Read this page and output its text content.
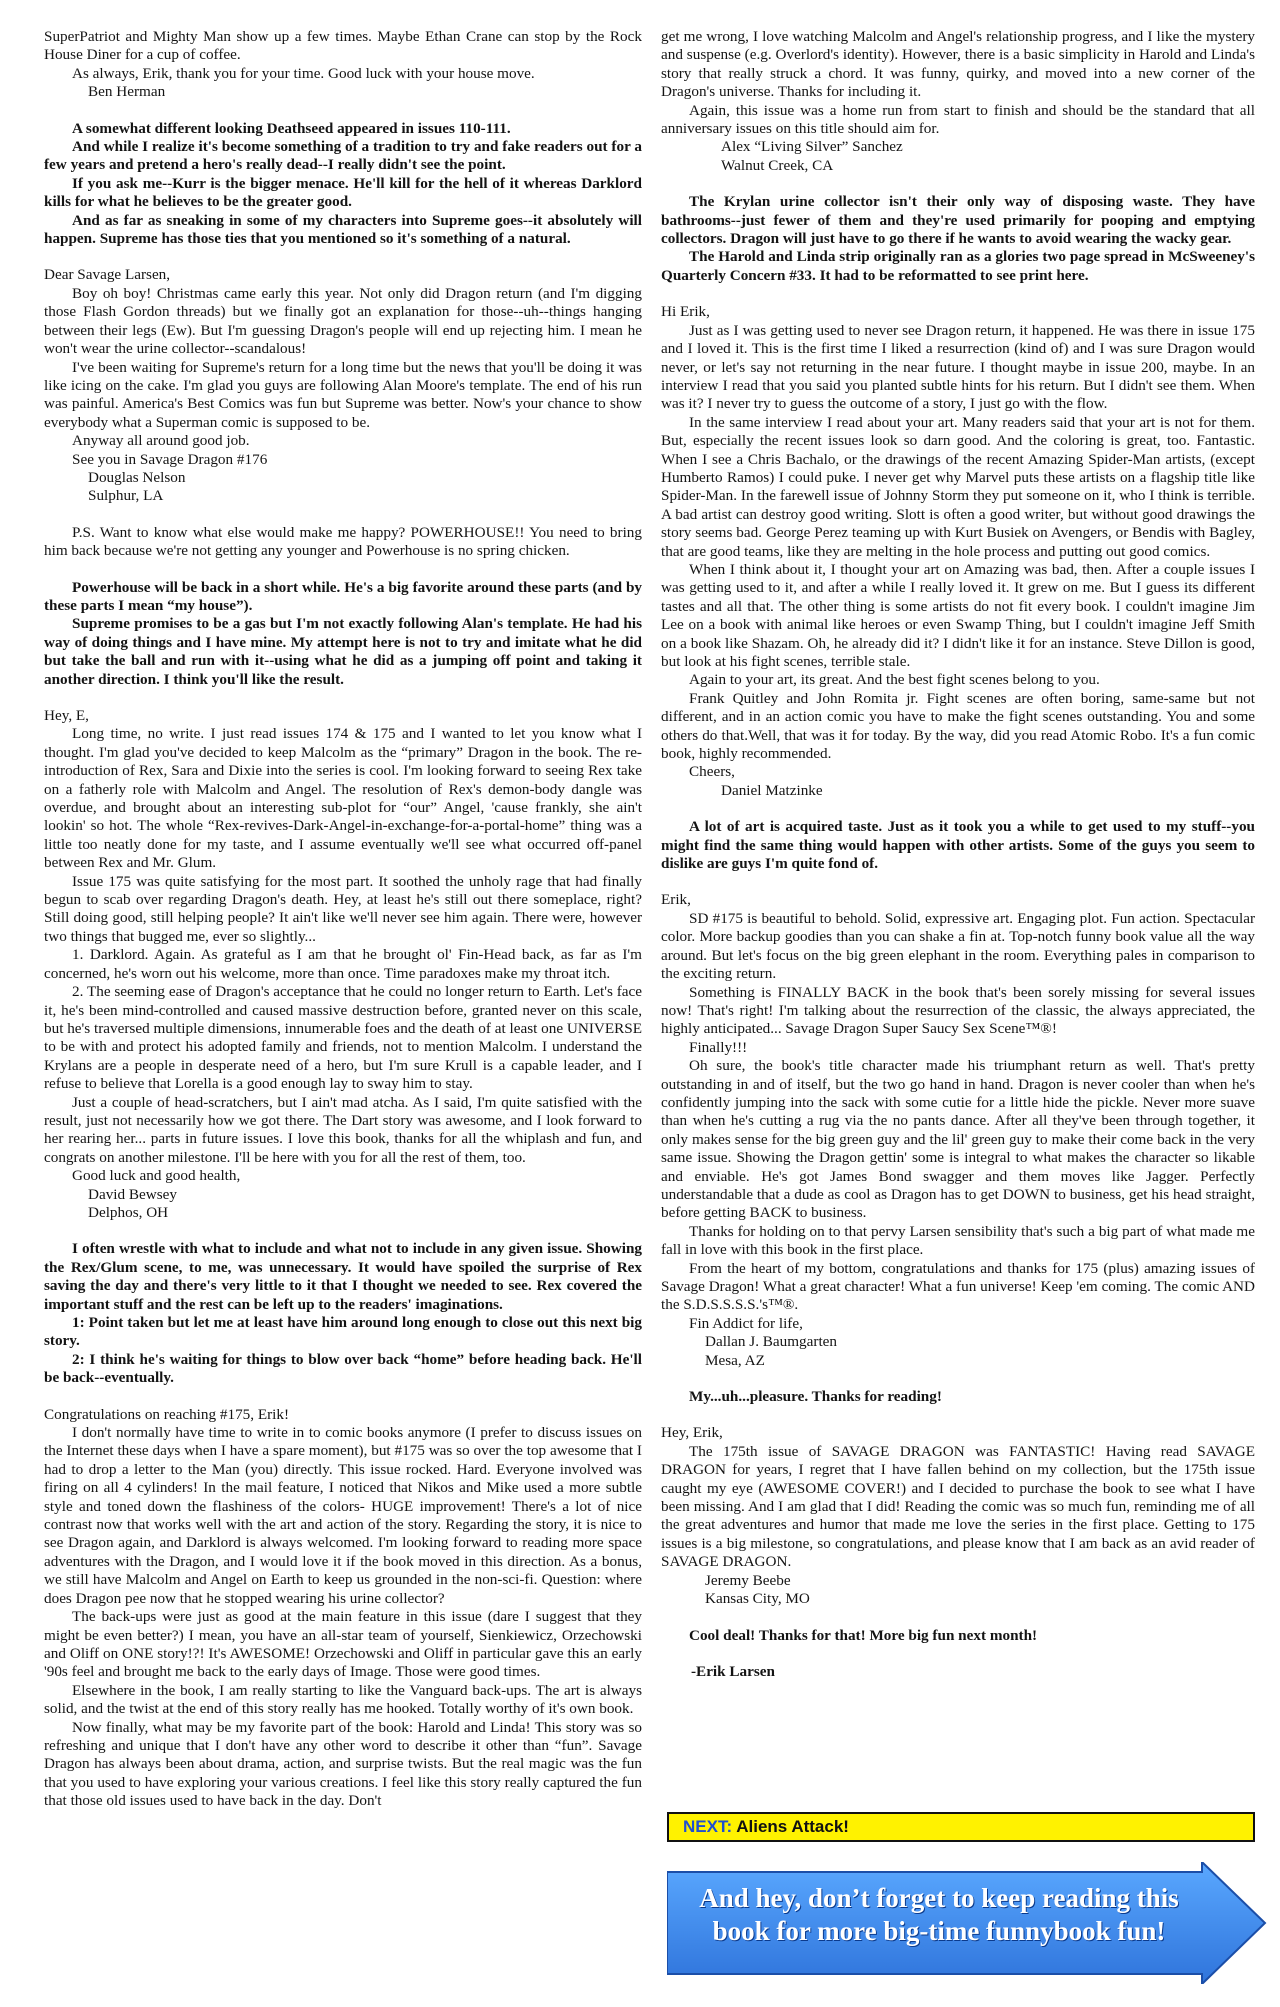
SuperPatriot and Mighty Man show up a few times. Maybe Ethan Crane can stop by the Rock House Diner for a cup of coffee.

As always, Erik, thank you for your time. Good luck with your house move.

Ben Herman

A somewhat different looking Deathseed appeared in issues 110-111.

And while I realize it's become something of a tradition to try and fake readers out for a few years and pretend a hero's really dead--I really didn't see the point.

If you ask me--Kurr is the bigger menace. He'll kill for the hell of it whereas Darklord kills for what he believes to be the greater good.

And as far as sneaking in some of my characters into Supreme goes--it absolutely will happen. Supreme has those ties that you mentioned so it's something of a natural.

Dear Savage Larsen,

Boy oh boy! Christmas came early this year. Not only did Dragon return (and I'm digging those Flash Gordon threads) but we finally got an explanation for those--uh--things hanging between their legs (Ew). But I'm guessing Dragon's people will end up rejecting him. I mean he won't wear the urine collector--scandalous!

I've been waiting for Supreme's return for a long time but the news that you'll be doing it was like icing on the cake. I'm glad you guys are following Alan Moore's template. The end of his run was painful. America's Best Comics was fun but Supreme was better. Now's your chance to show everybody what a Superman comic is supposed to be.

Anyway all around good job.

See you in Savage Dragon #176

Douglas Nelson

Sulphur, LA

P.S. Want to know what else would make me happy? POWERHOUSE!! You need to bring him back because we're not getting any younger and Powerhouse is no spring chicken.

Powerhouse will be back in a short while. He's a big favorite around these parts (and by these parts I mean “my house”).

Supreme promises to be a gas but I'm not exactly following Alan's template. He had his way of doing things and I have mine. My attempt here is not to try and imitate what he did but take the ball and run with it--using what he did as a jumping off point and taking it another direction. I think you'll like the result.

Hey, E,

Long time, no write. I just read issues 174 & 175 and I wanted to let you know what I thought. I'm glad you've decided to keep Malcolm as the “primary” Dragon in the book. The re-introduction of Rex, Sara and Dixie into the series is cool. I'm looking forward to seeing Rex take on a fatherly role with Malcolm and Angel. The resolution of Rex's demon-body dangle was overdue, and brought about an interesting sub-plot for “our” Angel, 'cause frankly, she ain't lookin' so hot. The whole “Rex-revives-Dark-Angel-in-exchange-for-a-portal-home” thing was a little too neatly done for my taste, and I assume eventually we'll see what occurred off-panel between Rex and Mr. Glum.

Issue 175 was quite satisfying for the most part. It soothed the unholy rage that had finally begun to scab over regarding Dragon's death. Hey, at least he's still out there someplace, right? Still doing good, still helping people? It ain't like we'll never see him again. There were, however two things that bugged me, ever so slightly...

1. Darklord. Again. As grateful as I am that he brought ol' Fin-Head back, as far as I'm concerned, he's worn out his welcome, more than once. Time paradoxes make my throat itch.

2. The seeming ease of Dragon's acceptance that he could no longer return to Earth. Let's face it, he's been mind-controlled and caused massive destruction before, granted never on this scale, but he's traversed multiple dimensions, innumerable foes and the death of at least one UNIVERSE to be with and protect his adopted family and friends, not to mention Malcolm. I understand the Krylans are a people in desperate need of a hero, but I'm sure Krull is a capable leader, and I refuse to believe that Lorella is a good enough lay to sway him to stay.

Just a couple of head-scratchers, but I ain't mad atcha. As I said, I'm quite satisfied with the result, just not necessarily how we got there. The Dart story was awesome, and I look forward to her rearing her... parts in future issues. I love this book, thanks for all the whiplash and fun, and congrats on another milestone. I'll be here with you for all the rest of them, too.

Good luck and good health,

David Bewsey

Delphos, OH

I often wrestle with what to include and what not to include in any given issue. Showing the Rex/Glum scene, to me, was unnecessary. It would have spoiled the surprise of Rex saving the day and there's very little to it that I thought we needed to see. Rex covered the important stuff and the rest can be left up to the readers' imaginations.

1: Point taken but let me at least have him around long enough to close out this next big story.

2: I think he's waiting for things to blow over back “home” before heading back. He'll be back--eventually.

Congratulations on reaching #175, Erik!

I don't normally have time to write in to comic books anymore (I prefer to discuss issues on the Internet these days when I have a spare moment), but #175 was so over the top awesome that I had to drop a letter to the Man (you) directly. This issue rocked. Hard. Everyone involved was firing on all 4 cylinders! In the mail feature, I noticed that Nikos and Mike used a more subtle style and toned down the flashiness of the colors- HUGE improvement! There's a lot of nice contrast now that works well with the art and action of the story. Regarding the story, it is nice to see Dragon again, and Darklord is always welcomed. I'm looking forward to reading more space adventures with the Dragon, and I would love it if the book moved in this direction. As a bonus, we still have Malcolm and Angel on Earth to keep us grounded in the non-sci-fi. Question: where does Dragon pee now that he stopped wearing his urine collector?

The back-ups were just as good at the main feature in this issue (dare I suggest that they might be even better?) I mean, you have an all-star team of yourself, Sienkiewicz, Orzechowski and Oliff on ONE story!?! It's AWESOME! Orzechowski and Oliff in particular gave this an early '90s feel and brought me back to the early days of Image. Those were good times.

Elsewhere in the book, I am really starting to like the Vanguard back-ups. The art is always solid, and the twist at the end of this story really has me hooked. Totally worthy of it's own book.

Now finally, what may be my favorite part of the book: Harold and Linda! This story was so refreshing and unique that I don't have any other word to describe it other than “fun”. Savage Dragon has always been about drama, action, and surprise twists. But the real magic was the fun that you used to have exploring your various creations. I feel like this story really captured the fun that those old issues used to have back in the day. Don't

get me wrong, I love watching Malcolm and Angel's relationship progress, and I like the mystery and suspense (e.g. Overlord's identity). However, there is a basic simplicity in Harold and Linda's story that really struck a chord. It was funny, quirky, and moved into a new corner of the Dragon's universe. Thanks for including it.

Again, this issue was a home run from start to finish and should be the standard that all anniversary issues on this title should aim for.

Alex “Living Silver” Sanchez

Walnut Creek, CA

The Krylan urine collector isn't their only way of disposing waste. They have bathrooms--just fewer of them and they're used primarily for pooping and emptying collectors. Dragon will just have to go there if he wants to avoid wearing the wacky gear.

The Harold and Linda strip originally ran as a glories two page spread in McSweeney's Quarterly Concern #33. It had to be reformatted to see print here.

Hi Erik,

Just as I was getting used to never see Dragon return, it happened. He was there in issue 175 and I loved it. This is the first time I liked a resurrection (kind of) and I was sure Dragon would never, or let's say not returning in the near future. I thought maybe in issue 200, maybe. In an interview I read that you said you planted subtle hints for his return. But I didn't see them. When was it? I never try to guess the outcome of a story, I just go with the flow.

In the same interview I read about your art. Many readers said that your art is not for them. But, especially the recent issues look so darn good. And the coloring is great, too. Fantastic. When I see a Chris Bachalo, or the drawings of the recent Amazing Spider-Man artists, (except Humberto Ramos) I could puke. I never get why Marvel puts these artists on a flagship title like Spider-Man. In the farewell issue of Johnny Storm they put someone on it, who I think is terrible. A bad artist can destroy good writing. Slott is often a good writer, but without good drawings the story seems bad. George Perez teaming up with Kurt Busiek on Avengers, or Bendis with Bagley, that are good teams, like they are melting in the hole process and putting out good comics.

When I think about it, I thought your art on Amazing was bad, then. After a couple issues I was getting used to it, and after a while I really loved it. It grew on me. But I guess its different tastes and all that. The other thing is some artists do not fit every book. I couldn't imagine Jim Lee on a book with animal like heroes or even Swamp Thing, but I couldn't imagine Jeff Smith on a book like Shazam. Oh, he already did it? I didn't like it for an instance. Steve Dillon is good, but look at his fight scenes, terrible stale.

Again to your art, its great. And the best fight scenes belong to you.

Frank Quitley and John Romita jr. Fight scenes are often boring, same-same but not different, and in an action comic you have to make the fight scenes outstanding. You and some others do that.Well, that was it for today. By the way, did you read Atomic Robo. It's a fun comic book, highly recommended.

Cheers,

Daniel Matzinke

A lot of art is acquired taste. Just as it took you a while to get used to my stuff--you might find the same thing would happen with other artists. Some of the guys you seem to dislike are guys I'm quite fond of.

Erik,

SD #175 is beautiful to behold. Solid, expressive art. Engaging plot. Fun action. Spectacular color. More backup goodies than you can shake a fin at. Top-notch funny book value all the way around. But let's focus on the big green elephant in the room. Everything pales in comparison to the exciting return.

Something is FINALLY BACK in the book that's been sorely missing for several issues now! That's right! I'm talking about the resurrection of the classic, the always appreciated, the highly anticipated... Savage Dragon Super Saucy Sex Scene™®!

Finally!!!

Oh sure, the book's title character made his triumphant return as well. That's pretty outstanding in and of itself, but the two go hand in hand. Dragon is never cooler than when he's confidently jumping into the sack with some cutie for a little hide the pickle. Never more suave than when he's cutting a rug via the no pants dance. After all they've been through together, it only makes sense for the big green guy and the lil' green guy to make their come back in the very same issue. Showing the Dragon gettin' some is integral to what makes the character so likable and enviable. He's got James Bond swagger and them moves like Jagger. Perfectly understandable that a dude as cool as Dragon has to get DOWN to business, get his head straight, before getting BACK to business.

Thanks for holding on to that pervy Larsen sensibility that's such a big part of what made me fall in love with this book in the first place.

From the heart of my bottom, congratulations and thanks for 175 (plus) amazing issues of Savage Dragon! What a great character! What a fun universe! Keep 'em coming. The comic AND the S.D.S.S.S.S.'s™®.

Fin Addict for life,

Dallan J. Baumgarten

Mesa, AZ

My...uh...pleasure. Thanks for reading!

Hey, Erik,

The 175th issue of SAVAGE DRAGON was FANTASTIC! Having read SAVAGE DRAGON for years, I regret that I have fallen behind on my collection, but the 175th issue caught my eye (AWESOME COVER!) and I decided to purchase the book to see what I have been missing. And I am glad that I did! Reading the comic was so much fun, reminding me of all the great adventures and humor that made me love the series in the first place. Getting to 175 issues is a big milestone, so congratulations, and please know that I am back as an avid reader of SAVAGE DRAGON.

Jeremy Beebe

Kansas City, MO

Cool deal! Thanks for that! More big fun next month!

-Erik Larsen

NEXT: Aliens Attack!
And hey, don’t forget to keep reading this book for more big-time funnybook fun!
